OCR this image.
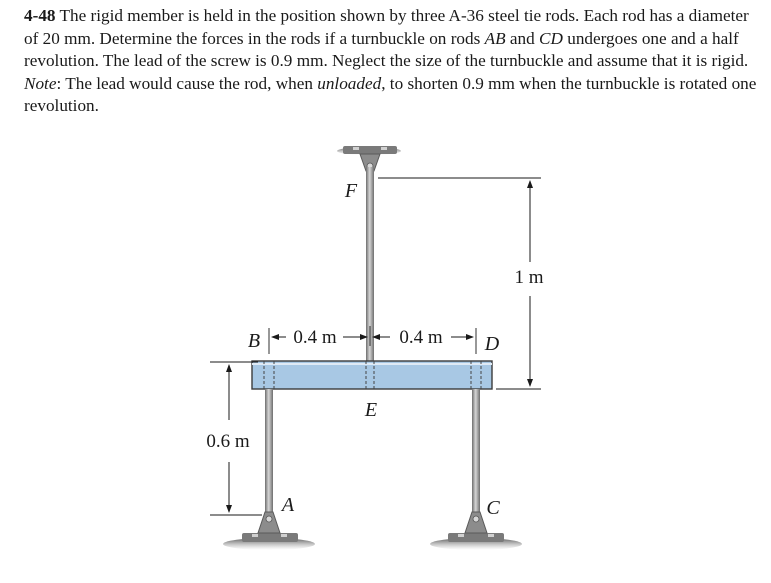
4-48 The rigid member is held in the position shown by three A-36 steel tie rods. Each rod has a diameter of 20 mm. Determine the forces in the rods if a turnbuckle on rods AB and CD undergoes one and a half revolution. The lead of the screw is 0.9 mm. Neglect the size of the turnbuckle and assume that it is rigid. Note: The lead would cause the rod, when unloaded, to shorten 0.9 mm when the turnbuckle is rotated one revolution.

1 m
0.6 m
0.4 m	0.4 m
F
B	D
E
A	C
